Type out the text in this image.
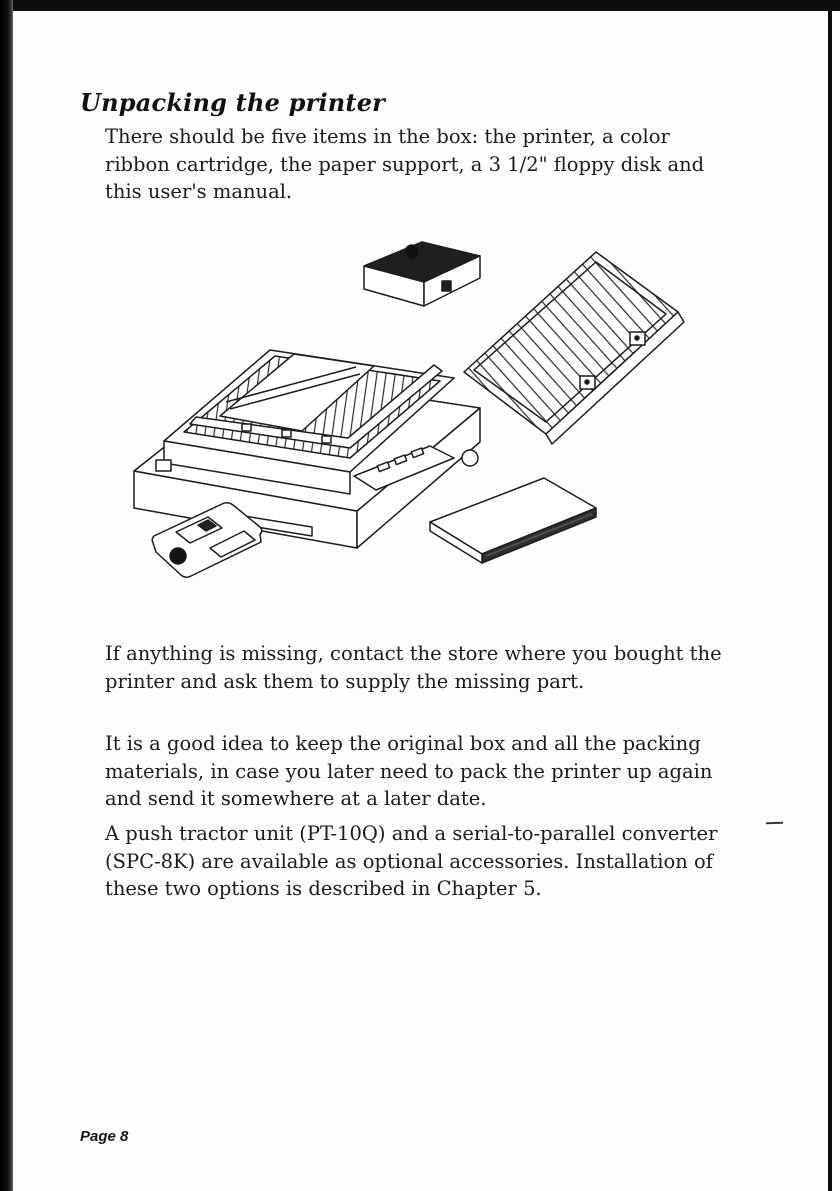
Unpacking the printer

There should be five items in the box: the printer, a color ribbon cartridge, the paper support, a 3 1/2" floppy disk and this user's manual.

If anything is missing, contact the store where you bought the printer and ask them to supply the missing part.

It is a good idea to keep the original box and all the packing materials, in case you later need to pack the printer up again and send it somewhere at a later date.

A push tractor unit (PT-10Q) and a serial-to-parallel converter (SPC-8K) are available as optional accessories. Installation of these two options is described in Chapter 5.

Page 8
